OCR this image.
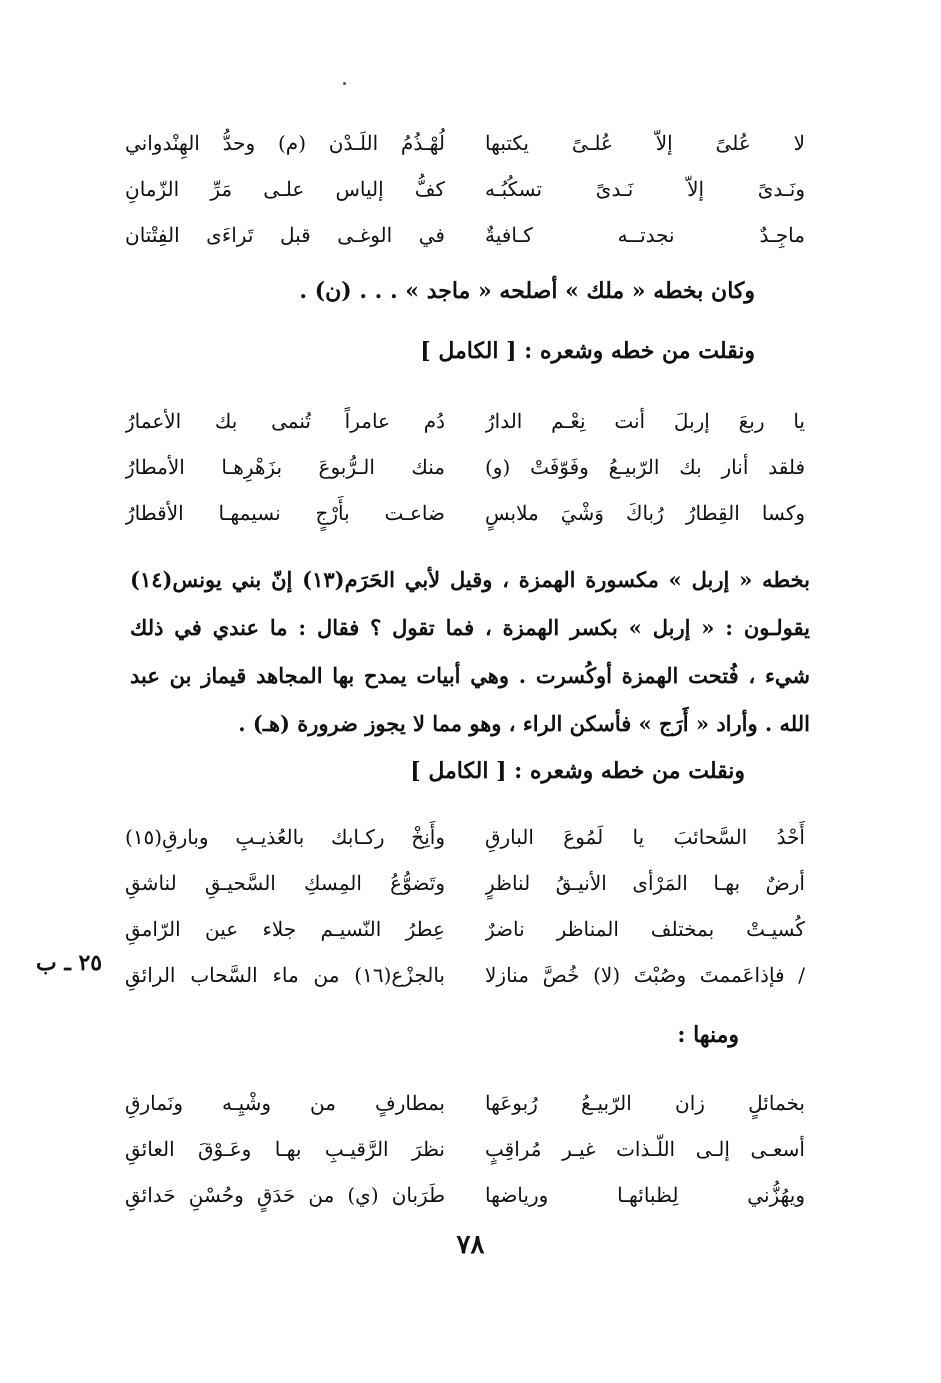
لا عُلىً إلاّ عُلـىً يكتبها
لُهْـذُمُ اللَـدْن (م) وحدُّ الهِنْدواني
ونَـدىً إلاّ نَـدىً تسكُبُـه
كفُّ إلياس علـى مَرِّ الزّمانِ
ماجِـدٌ نجدتــه كـافيةٌ
في الوغـى قبل تَراءَى الفِتْتان
وكان بخطه « ملك » أصلحه « ماجد » . . . (ن) .
ونقلت من خطه وشعره : [ الكامل ]
يا ربعَ إربلَ أنت نِعْـم الدارُ
دُم عامراً تُنمى بك الأعمارُ
فلقد أنار بك الرّبيـعُ وفَوّفَتْ (و)
منك الـرُّبوعَ بزَهْرِهـا الأمطارُ
وكسا القِطارُ رُباكَ وَشْيَ ملابسٍ
ضاعـت بأَرْجٍ نسيمهـا الأقطارُ
بخطه « إربل » مكسورة الهمزة ، وقيل لأبي الحَرَم(١٣) إنّ بني يونس(١٤)
يقولـون : « إربل » بكسر الهمزة ، فما تقول ؟ فقال : ما عندي في ذلك
شيء ، فُتحت الهمزة أوكُسرت . وهي أبيات يمدح بها المجاهد قيماز بن عبد
الله . وأراد « أَرَج » فأسكن الراء ، وهو مما لا يجوز ضرورة (هـ) .
ونقلت من خطه وشعره : [ الكامل ]
أَحْدُ السَّحائبَ يا لَمُوعَ البارقِ
وأَنِخْ ركـابك بالعُذيـبِ وبارقِ(١٥)
أرضٌ بهـا المَرْأى الأنيـقُ لناظرٍ
وتَضوُّعُ المِسكِ السَّحيـقِ لناشقِ
كُسيـتْ بمختلف المناظر ناضرٌ
عِطرُ النّسيـم جلاء عين الرّامقِ
/ فإذاعَممتَ وصُبْتَ (لا) خُصَّ منازلا
بالجزْع(١٦) من ماء السَّحاب الرائقِ
٢٥ ـ ب
ومنها :
بخمائلٍ زان الرّبيـعُ رُبوعَها
بمطارفٍ من وشْيِـه ونَمارقِ
أسعـى إلـى اللّـذات غيـر مُراقِبٍ
نظرَ الرَّقيـبِ بهـا وعَـوْقَ العائقِ
ويهُزُّني لِظبائهـا ورياضها
طَرَبان (ي) من حَدَقٍ وحُسْنِ حَدائقِ
٧٨
